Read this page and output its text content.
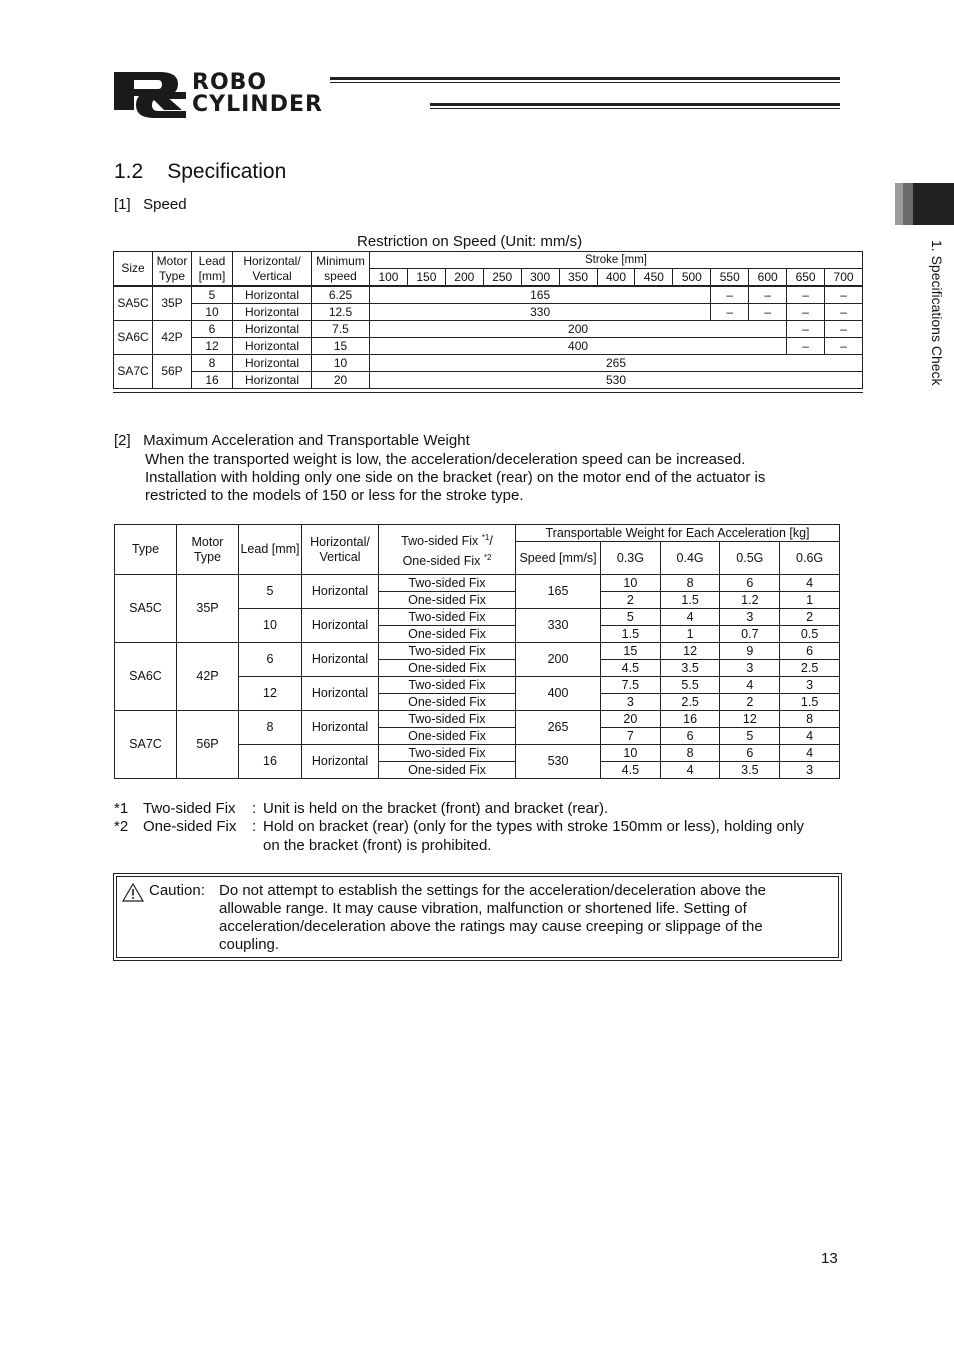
ROBO
CYLINDER
1. Specifications Check
1.2 Specification
[1]   Speed
Restriction on Speed (Unit: mm/s)
Size	Motor Type	Lead [mm]	Horizontal/ Vertical	Minimum speed	Stroke [mm]												
					100	150	200	250	300	350	400	450	500	550	600	650	700
SA5C	35P	5	Horizontal	6.25	165									–	–	–	–
		10	Horizontal	12.5	330									–	–	–	–
SA6C	42P	6	Horizontal	7.5	200											–	–
		12	Horizontal	15	400											–	–
SA7C	56P	8	Horizontal	10	265												
		16	Horizontal	20	530												
[2]   Maximum Acceleration and Transportable Weight
When the transported weight is low, the acceleration/deceleration speed can be increased.
Installation with holding only one side on the bracket (rear) on the motor end of the actuator is
restricted to the models of 150 or less for the stroke type.
Type	Motor Type	Lead [mm]	Horizontal/ Vertical	Two-sided Fix $^{*1}$/
One-sided Fix $^{*2}$	Transportable Weight for Each Acceleration [kg]				
					Speed [mm/s]	0.3G	0.4G	0.5G	0.6G
SA5C	35P	5	Horizontal	Two-sided Fix	165	10	8	6	4
				One-sided Fix		2	1.5	1.2	1
		10	Horizontal	Two-sided Fix	330	5	4	3	2
				One-sided Fix		1.5	1	0.7	0.5
SA6C	42P	6	Horizontal	Two-sided Fix	200	15	12	9	6
				One-sided Fix		4.5	3.5	3	2.5
		12	Horizontal	Two-sided Fix	400	7.5	5.5	4	3
				One-sided Fix		3	2.5	2	1.5
SA7C	56P	8	Horizontal	Two-sided Fix	265	20	16	12	8
				One-sided Fix		7	6	5	4
		16	Horizontal	Two-sided Fix	530	10	8	6	4
				One-sided Fix		4.5	4	3.5	3
*1 Two-sided Fix : Unit is held on the bracket (front) and bracket (rear).
*2 One-sided Fix : Hold on bracket (rear) (only for the types with stroke 150mm or less), holding only
on the bracket (front) is prohibited.
Caution: Do not attempt to establish the settings for the acceleration/deceleration above the
allowable range. It may cause vibration, malfunction or shortened life. Setting of
acceleration/deceleration above the ratings may cause creeping or slippage of the
coupling.
13
